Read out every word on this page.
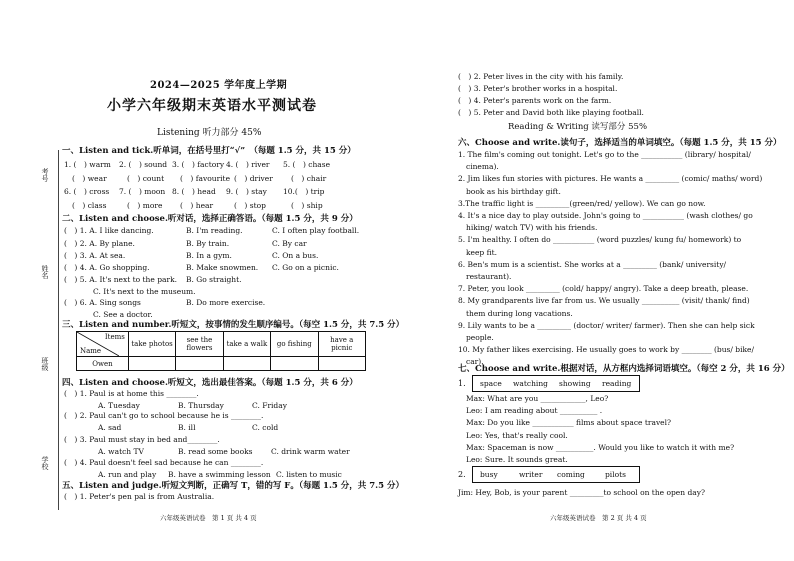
考号
姓名
班级
学校
2024—2025 学年度上学期
小学六年级期末英语水平测试卷
Listening 听力部分 45%
一、Listen and tick.听单词，在括号里打“√”　（每题 1.5 分，共 15 分）
1. (　) warm 2. (　) sound 3. (　) factory 4. (　) river 5. (　) chase
(　) wear	(　) count (　) favourite (　) driver (　) chair
6. (　) cross 7. (　) moon 8. (　) head 9. (　) stay 10.(　) trip
(　) class	(　) more (　) hear	(　) stop	(　) ship
二、Listen and choose.听对话，选择正确答语。（每题 1.5 分，共 9 分）
(　) 1. A. I like dancing.	B. I'm reading.	C. I often play football.
(　) 2. A. By plane.	B. By train.	C. By car
(　) 3. A. At sea.	B. In a gym.	C. On a bus.
(　) 4. A. Go shopping.	B. Make snowmen. C. Go on a picnic.
(　) 5. A. It's next to the park. B. Go straight.
C. It's next to the museum.
(　) 6. A. Sing songs	B. Do more exercise.
C. See a doctor.
三、Listen and number.听短文，按事情的发生顺序编号。（每空 1.5 分，共 7.5 分）
Items
Name	take photos	see the flowers	take a walk	go fishing	have a picnic
Owen					
四、Listen and choose.听短文，选出最佳答案。（每题 1.5 分，共 6 分）
(　) 1. Paul is at home this ________.
A. Tuesday	B. Thursday	C. Friday
(　) 2. Paul can't go to school because he is ________.
A. sad	B. ill	C. cold
(　) 3. Paul must stay in bed and________.
A. watch TV	B. read some books C. drink warm water
(　) 4. Paul doesn't feel sad because he can ________.
A. run and play B. have a swimming lesson C. listen to music
五、Listen and judge.听短文判断，正确写 T，错的写 F。（每题 1.5 分，共 7.5 分）
(　) 1. Peter's pen pal is from Australia.
六年级英语试卷　第 1 页 共 4 页
(　) 2. Peter lives in the city with his family.
(　) 3. Peter's brother works in a hospital.
(　) 4. Peter's parents work on the farm.
(　) 5. Peter and David both like playing football.
Reading & Writing 读写部分 55%
六、Choose and write.读句子，选择适当的单词填空。（每题 1.5 分，共 15 分）
1. The film's coming out tonight. Let's go to the ___________ (library/ hospital/
cinema).
2. Jim likes fun stories with pictures. He wants a _________ (comic/ maths/ word)
book as his birthday gift.
3.The traffic light is _________(green/red/ yellow). We can go now.
4. It's a nice day to play outside. John's going to ___________ (wash clothes/ go
hiking/ watch TV) with his friends.
5. I'm healthy. I often do ___________ (word puzzles/ kung fu/ homework) to
keep fit.
6. Ben's mum is a scientist. She works at a _________ (bank/ university/
restaurant).
7. Peter, you look _________ (cold/ happy/ angry). Take a deep breath, please.
8. My grandparents live far from us. We usually __________ (visit/ thank/ find)
them during long vacations.
9. Lily wants to be a _________ (doctor/ writer/ farmer). Then she can help sick
people.
10. My father likes exercising. He usually goes to work by ________ (bus/ bike/
car).
七、Choose and write.根据对话，从方框内选择词语填空。（每空 2 分，共 16 分）
1. space watching showing reading
Max: What are you ____________, Leo?
Leo: I am reading about __________ .
Max: Do you like ___________ films about space travel?
Leo: Yes, that's really cool.
Max: Spaceman is now __________. Would you like to watch it with me?
Leo: Sure. It sounds great.
2. busy	writer coming	pilots
Jim: Hey, Bob, is your parent _________to school on the open day?
六年级英语试卷　第 2 页 共 4 页
